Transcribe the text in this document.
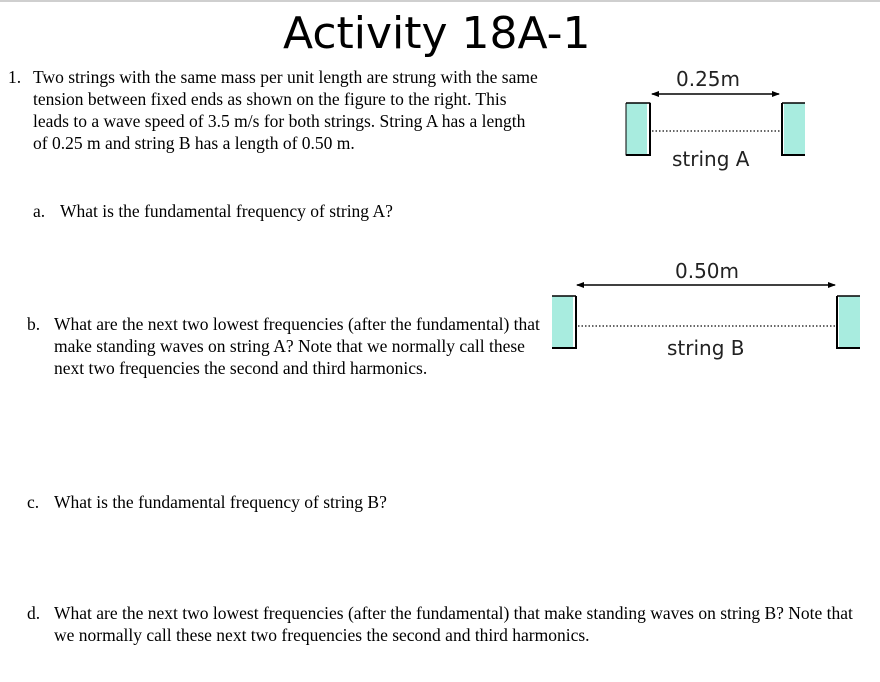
Activity 18A-1
1. Two strings with the same mass per unit length are strung with the same tension between fixed ends as shown on the figure to the right. This leads to a wave speed of 3.5 m/s for both strings. String A has a length of 0.25 m and string B has a length of 0.50 m.
a. What is the fundamental frequency of string A?
b. What are the next two lowest frequencies (after the fundamental) that make standing waves on string A? Note that we normally call these next two frequencies the second and third harmonics.
c. What is the fundamental frequency of string B?
d. What are the next two lowest frequencies (after the fundamental) that make standing waves on string B? Note that we normally call these next two frequencies the second and third harmonics.
0.25m
string A
0.50m
string B
